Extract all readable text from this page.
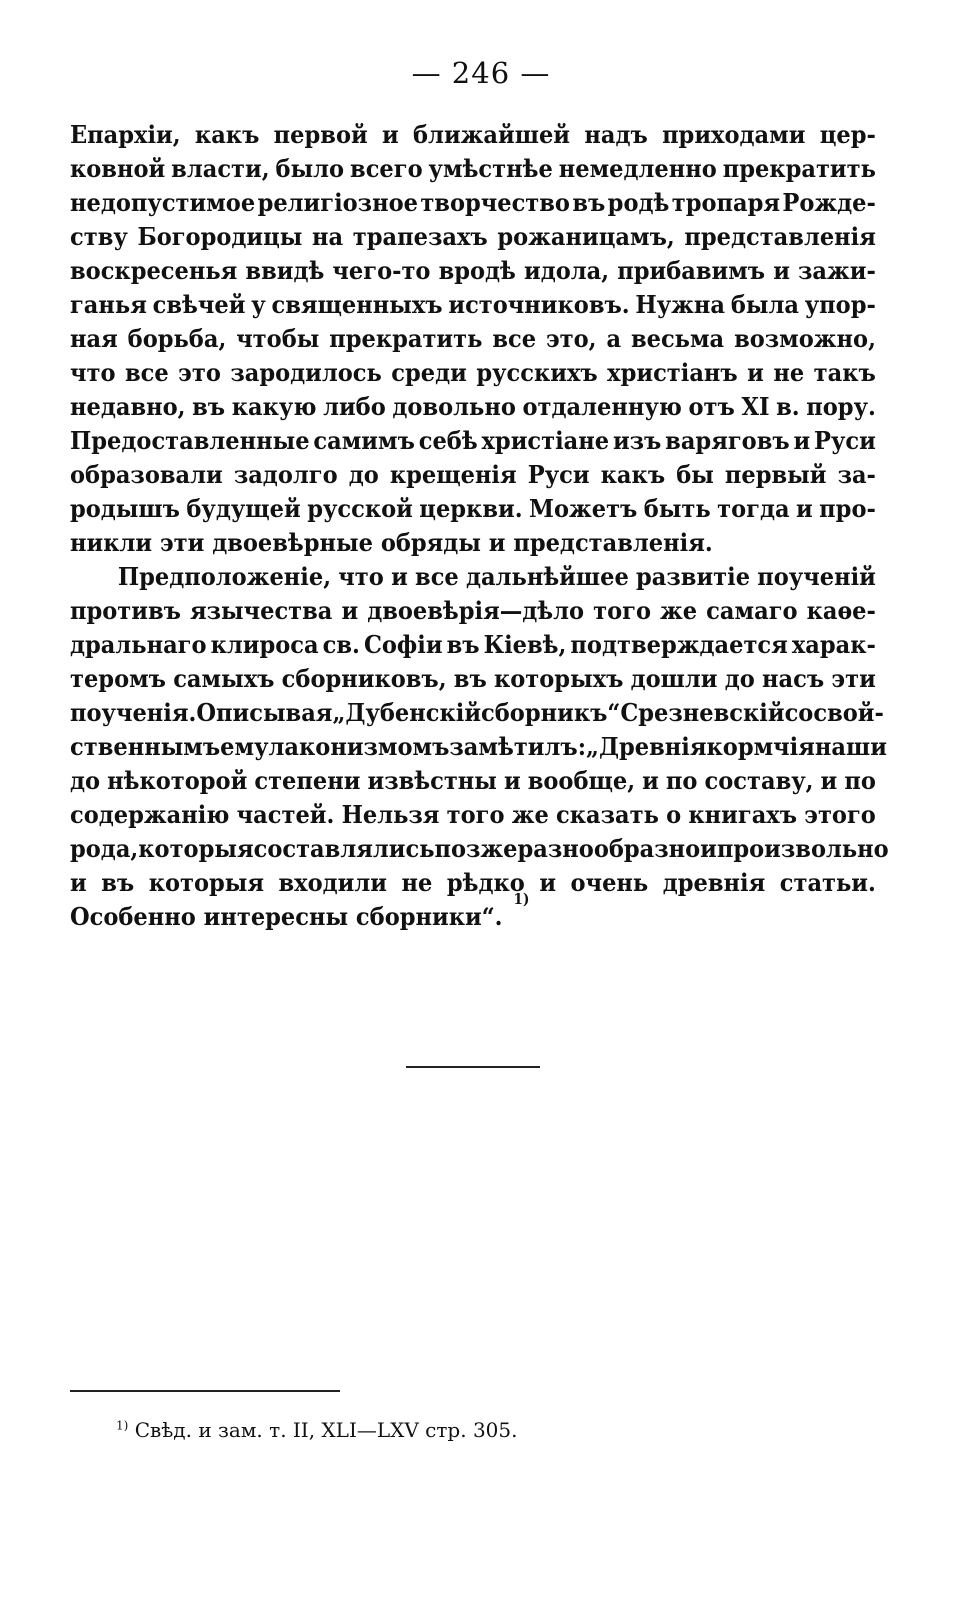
— 246 —
Епархіи, какъ первой и ближайшей надъ приходами цер-
ковной власти, было всего умѣстнѣе немедленно прекратить
недопустимое религіозное творчество въ родѣ тропаря Рожде-
ству Богородицы на трапезахъ рожаницамъ, представленія
воскресенья ввидѣ чего-то вродѣ идола, прибавимъ и зажи-
ганья свѣчей у священныхъ источниковъ. Нужна была упор-
ная борьба, чтобы прекратить все это, а весьма возможно,
что все это зародилось среди русскихъ христіанъ и не такъ
недавно, въ какую либо довольно отдаленную отъ XI в. пору.
Предоставленные самимъ себѣ христіане изъ варяговъ и Руси
образовали задолго до крещенія Руси какъ бы первый за-
родышъ будущей русской церкви. Можетъ быть тогда и про-
никли эти двоевѣрные обряды и представленія.
Предположеніе, что и все дальнѣйшее развитіе поученій
противъ язычества и двоевѣрія—дѣло того же самаго каѳе-
дральнаго клироса св. Софіи въ Кіевѣ, подтверждается харак-
теромъ самыхъ сборниковъ, въ которыхъ дошли до насъ эти
поученія. Описывая „Дубенскій сборникъ“ Срезневскій со свой-
ственнымъ ему лаконизмомъ замѣтилъ: „Древнія кормчія наши
до нѣкоторой степени извѣстны и вообще, и по составу, и по
содержанію частей. Нельзя того же сказать о книгахъ этого
рода, которыя составлялись позже разнообразно и произвольно
и въ которыя входили не рѣдко и очень древнія статьи.
Особенно интересны сборники“.
1)
$^{1)}$ Свѣд. и зам. т. II, XLI—LXV стр. 305.
